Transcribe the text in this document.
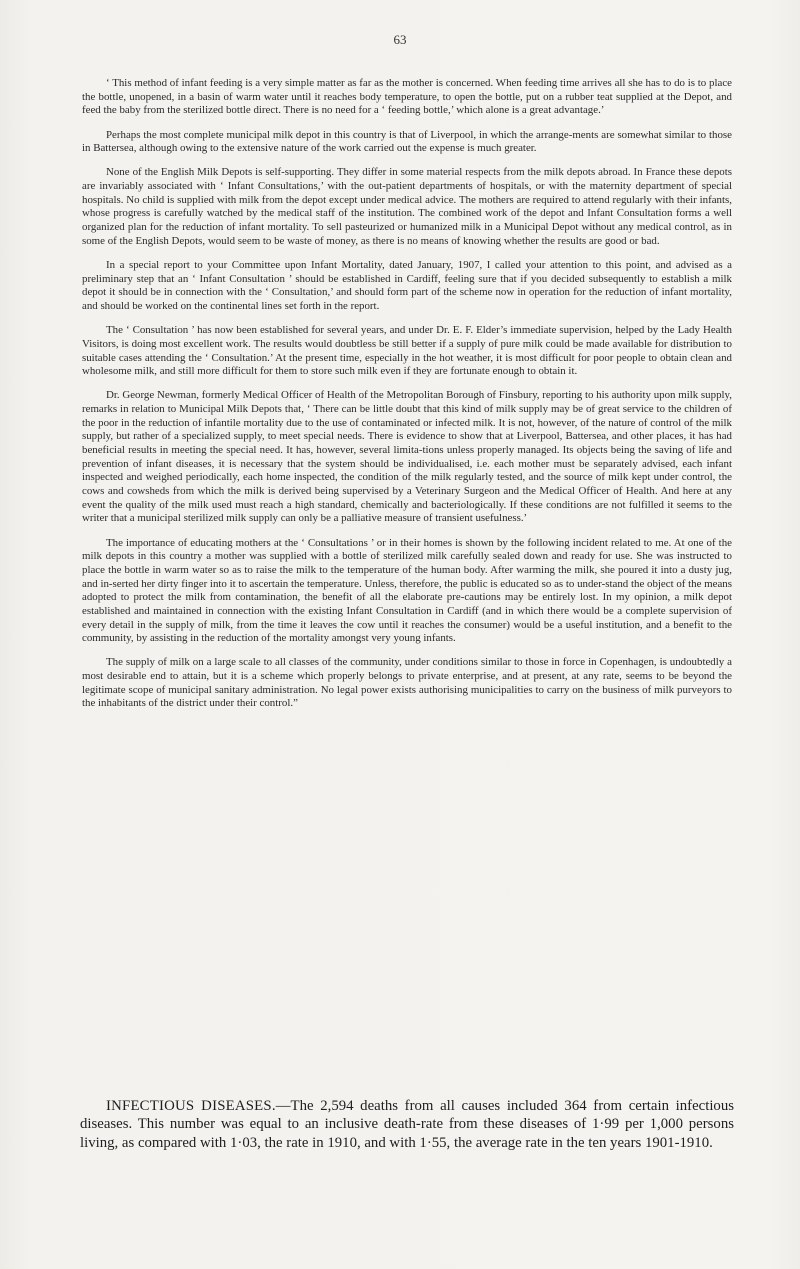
63

‘ This method of infant feeding is a very simple matter as far as the mother is concerned. When feeding time arrives all she has to do is to place the bottle, unopened, in a basin of warm water until it reaches body temperature, to open the bottle, put on a rubber teat supplied at the Depot, and feed the baby from the sterilized bottle direct. There is no need for a ‘ feeding bottle,’ which alone is a great advantage.’

Perhaps the most complete municipal milk depot in this country is that of Liverpool, in which the arrange-ments are somewhat similar to those in Battersea, although owing to the extensive nature of the work carried out the expense is much greater.

None of the English Milk Depots is self-supporting. They differ in some material respects from the milk depots abroad. In France these depots are invariably associated with ‘ Infant Consultations,’ with the out-patient departments of hospitals, or with the maternity department of special hospitals. No child is supplied with milk from the depot except under medical advice. The mothers are required to attend regularly with their infants, whose progress is carefully watched by the medical staff of the institution. The combined work of the depot and Infant Consultation forms a well organized plan for the reduction of infant mortality. To sell pasteurized or humanized milk in a Municipal Depot without any medical control, as in some of the English Depots, would seem to be waste of money, as there is no means of knowing whether the results are good or bad.

In a special report to your Committee upon Infant Mortality, dated January, 1907, I called your attention to this point, and advised as a preliminary step that an ‘ Infant Consultation ’ should be established in Cardiff, feeling sure that if you decided subsequently to establish a milk depot it should be in connection with the ‘ Consultation,’ and should form part of the scheme now in operation for the reduction of infant mortality, and should be worked on the continental lines set forth in the report.

The ‘ Consultation ’ has now been established for several years, and under Dr. E. F. Elder’s immediate supervision, helped by the Lady Health Visitors, is doing most excellent work. The results would doubtless be still better if a supply of pure milk could be made available for distribution to suitable cases attending the ‘ Consultation.’ At the present time, especially in the hot weather, it is most difficult for poor people to obtain clean and wholesome milk, and still more difficult for them to store such milk even if they are fortunate enough to obtain it.

Dr. George Newman, formerly Medical Officer of Health of the Metropolitan Borough of Finsbury, reporting to his authority upon milk supply, remarks in relation to Municipal Milk Depots that, ‘ There can be little doubt that this kind of milk supply may be of great service to the children of the poor in the reduction of infantile mortality due to the use of contaminated or infected milk. It is not, however, of the nature of control of the milk supply, but rather of a specialized supply, to meet special needs. There is evidence to show that at Liverpool, Battersea, and other places, it has had beneficial results in meeting the special need. It has, however, several limita-tions unless properly managed. Its objects being the saving of life and prevention of infant diseases, it is necessary that the system should be individualised, i.e. each mother must be separately advised, each infant inspected and weighed periodically, each home inspected, the condition of the milk regularly tested, and the source of milk kept under control, the cows and cowsheds from which the milk is derived being supervised by a Veterinary Surgeon and the Medical Officer of Health. And here at any event the quality of the milk used must reach a high standard, chemically and bacteriologically. If these conditions are not fulfilled it seems to the writer that a municipal sterilized milk supply can only be a palliative measure of transient usefulness.’

The importance of educating mothers at the ‘ Consultations ’ or in their homes is shown by the following incident related to me. At one of the milk depots in this country a mother was supplied with a bottle of sterilized milk carefully sealed down and ready for use. She was instructed to place the bottle in warm water so as to raise the milk to the temperature of the human body. After warming the milk, she poured it into a dusty jug, and in-serted her dirty finger into it to ascertain the temperature. Unless, therefore, the public is educated so as to under-stand the object of the means adopted to protect the milk from contamination, the benefit of all the elaborate pre-cautions may be entirely lost. In my opinion, a milk depot established and maintained in connection with the existing Infant Consultation in Cardiff (and in which there would be a complete supervision of every detail in the supply of milk, from the time it leaves the cow until it reaches the consumer) would be a useful institution, and a benefit to the community, by assisting in the reduction of the mortality amongst very young infants.

The supply of milk on a large scale to all classes of the community, under conditions similar to those in force in Copenhagen, is undoubtedly a most desirable end to attain, but it is a scheme which properly belongs to private enterprise, and at present, at any rate, seems to be beyond the legitimate scope of municipal sanitary administration. No legal power exists authorising municipalities to carry on the business of milk purveyors to the inhabitants of the district under their control.”

INFECTIOUS DISEASES.—The 2,594 deaths from all causes included 364 from certain infectious diseases. This number was equal to an inclusive death-rate from these diseases of 1·99 per 1,000 persons living, as compared with 1·03, the rate in 1910, and with 1·55, the average rate in the ten years 1901-1910.
